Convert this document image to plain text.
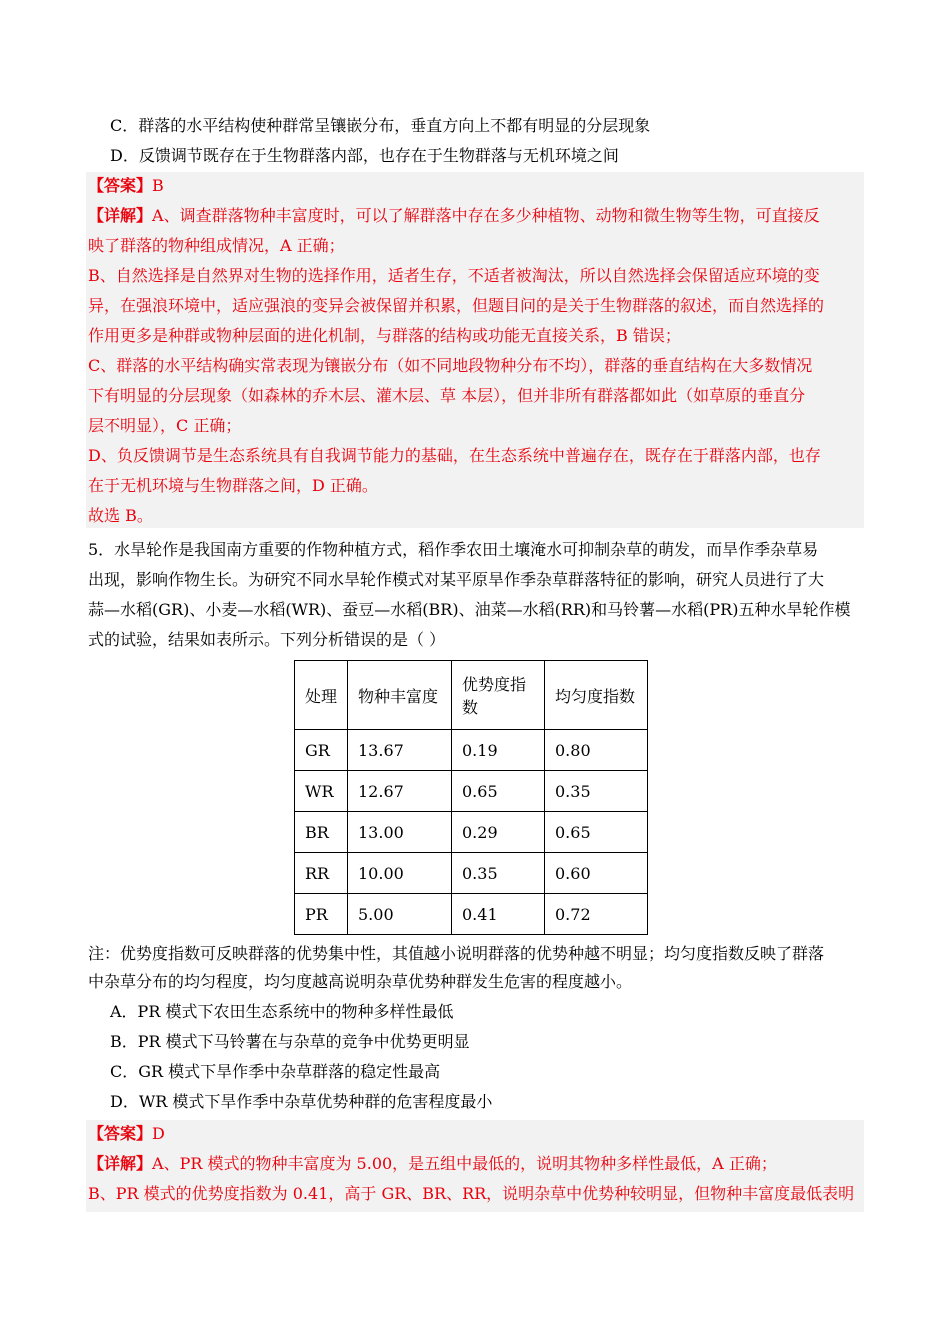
C．群落的水平结构使种群常呈镶嵌分布，垂直方向上不都有明显的分层现象
D．反馈调节既存在于生物群落内部，也存在于生物群落与无机环境之间
【答案】B
【详解】A、调查群落物种丰富度时，可以了解群落中存在多少种植物、动物和微生物等生物，可直接反
映了群落的物种组成情况，A 正确；
B、自然选择是自然界对生物的选择作用，适者生存，不适者被淘汰，所以自然选择会保留适应环境的变
异，在强浪环境中，适应强浪的变异会被保留并积累，但题目问的是关于生物群落的叙述，而自然选择的
作用更多是种群或物种层面的进化机制，与群落的结构或功能无直接关系，B 错误；
C、群落的水平结构确实常表现为镶嵌分布（如不同地段物种分布不均），群落的垂直结构在大多数情况
下有明显的分层现象（如森林的乔木层、灌木层、草 本层），但并非所有群落都如此（如草原的垂直分
层不明显），C 正确；
D、负反馈调节是生态系统具有自我调节能力的基础，在生态系统中普遍存在，既存在于群落内部，也存
在于无机环境与生物群落之间，D 正确。
故选 B。
5．水旱轮作是我国南方重要的作物种植方式，稻作季农田土壤淹水可抑制杂草的萌发，而旱作季杂草易
出现，影响作物生长。为研究不同水旱轮作模式对某平原旱作季杂草群落特征的影响，研究人员进行了大
蒜—水稻(GR)、小麦—水稻(WR)、蚕豆—水稻(BR)、油菜—水稻(RR)和马铃薯—水稻(PR)五种水旱轮作模
式的试验，结果如表所示。下列分析错误的是（ ）
处理	物种丰富度	优势度指
数	均匀度指数
GR	13.67	0.19	0.80
WR	12.67	0.65	0.35
BR	13.00	0.29	0.65
RR	10.00	0.35	0.60
PR	5.00	0.41	0.72
注：优势度指数可反映群落的优势集中性，其值越小说明群落的优势种越不明显；均匀度指数反映了群落
中杂草分布的均匀程度，均匀度越高说明杂草优势种群发生危害的程度越小。
A．PR 模式下农田生态系统中的物种多样性最低
B．PR 模式下马铃薯在与杂草的竞争中优势更明显
C．GR 模式下旱作季中杂草群落的稳定性最高
D．WR 模式下旱作季中杂草优势种群的危害程度最小
【答案】D
【详解】A、PR 模式的物种丰富度为 5.00，是五组中最低的，说明其物种多样性最低，A 正确；
B、PR 模式的优势度指数为 0.41，高于 GR、BR、RR，说明杂草中优势种较明显，但物种丰富度最低表明
